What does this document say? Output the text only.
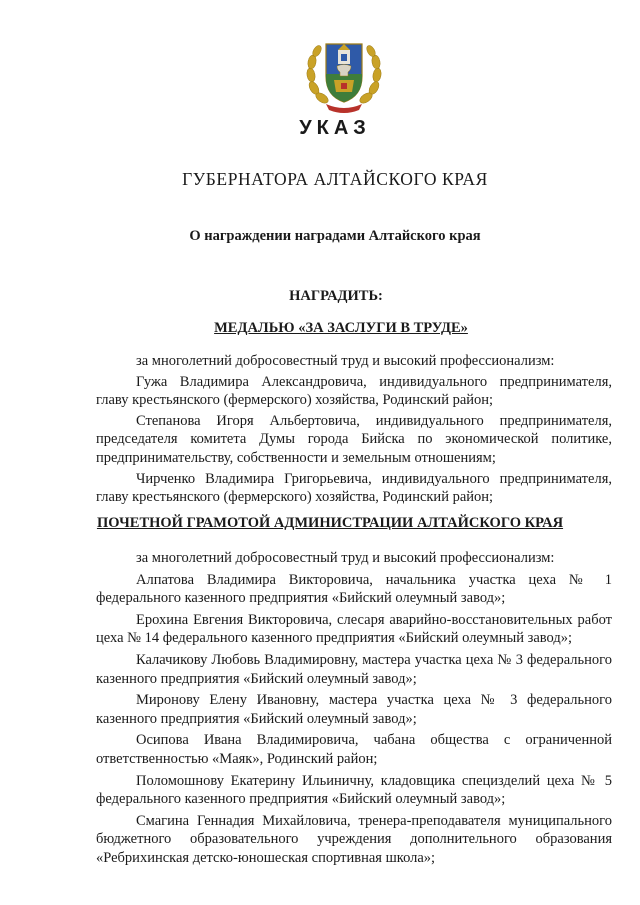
УКАЗ
ГУБЕРНАТОРА АЛТАЙСКОГО КРАЯ
О награждении наградами Алтайского края
НАГРАДИТЬ:
МЕДАЛЬЮ «ЗА ЗАСЛУГИ В ТРУДЕ»

за многолетний добросовестный труд и высокий профессионализм:

Гужа Владимира Александровича, индивидуального предпринимателя, главу крестьянского (фермерского) хозяйства, Родинский район;

Степанова Игоря Альбертовича, индивидуального предпринимателя, председателя комитета Думы города Бийска по экономической политике, предпринимательству, собственности и земельным отношениям;

Чирченко Владимира Григорьевича, индивидуального предпринимателя, главу крестьянского (фермерского) хозяйства, Родинский район;

ПОЧЕТНОЙ ГРАМОТОЙ АДМИНИСТРАЦИИ АЛТАЙСКОГО КРАЯ

за многолетний добросовестный труд и высокий профессионализм:

Алпатова Владимира Викторовича, начальника участка цеха № 1 федерального казенного предприятия «Бийский олеумный завод»;

Ерохина Евгения Викторовича, слесаря аварийно-восстановительных работ цеха № 14 федерального казенного предприятия «Бийский олеумный завод»;

Калачикову Любовь Владимировну, мастера участка цеха № 3 федерального казенного предприятия «Бийский олеумный завод»;

Миронову Елену Ивановну, мастера участка цеха № 3 федерального казенного предприятия «Бийский олеумный завод»;

Осипова Ивана Владимировича, чабана общества с ограниченной ответственностью «Маяк», Родинский район;

Поломошнову Екатерину Ильиничну, кладовщика специзделий цеха № 5 федерального казенного предприятия «Бийский олеумный завод»;

Смагина Геннадия Михайловича, тренера-преподавателя муниципального бюджетного образовательного учреждения дополнительного образования «Ребрихинская детско-юношеская спортивная школа»;
